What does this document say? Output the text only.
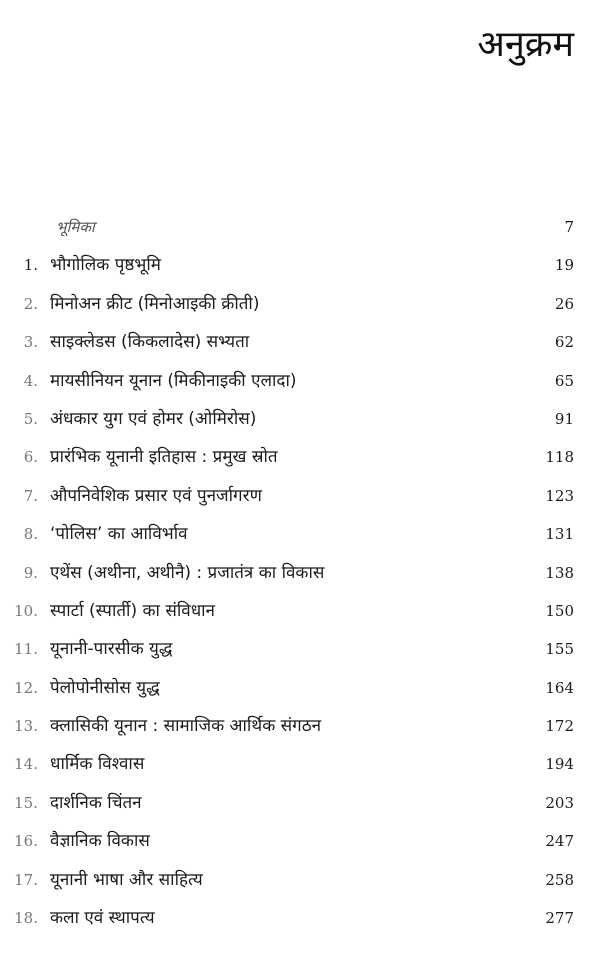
अनुक्रम
भूमिका	7
1. भौगोलिक पृष्ठभूमि	19
2. मिनोअन क्रीट (मिनोआइकी क्रीती)	26
3. साइक्लेडस (किकलादेस) सभ्यता	62
4. मायसीनियन यूनान (मिकीनाइकी एलादा)	65
5. अंधकार युग एवं होमर (ओमिरोस)	91
6. प्रारंभिक यूनानी इतिहास : प्रमुख स्रोत	118
7. औपनिवेशिक प्रसार एवं पुनर्जागरण	123
8. ‘पोलिस’ का आविर्भाव	131
9. एथेंस (अथीना, अथीनै) : प्रजातंत्र का विकास	138
10. स्पार्टा (स्पार्ती) का संविधान	150
11. यूनानी-पारसीक युद्ध	155
12. पेलोपोनीसोस युद्ध	164
13. क्लासिकी यूनान : सामाजिक आर्थिक संगठन	172
14. धार्मिक विश्वास	194
15. दार्शनिक चिंतन	203
16. वैज्ञानिक विकास	247
17. यूनानी भाषा और साहित्य	258
18. कला एवं स्थापत्य	277
